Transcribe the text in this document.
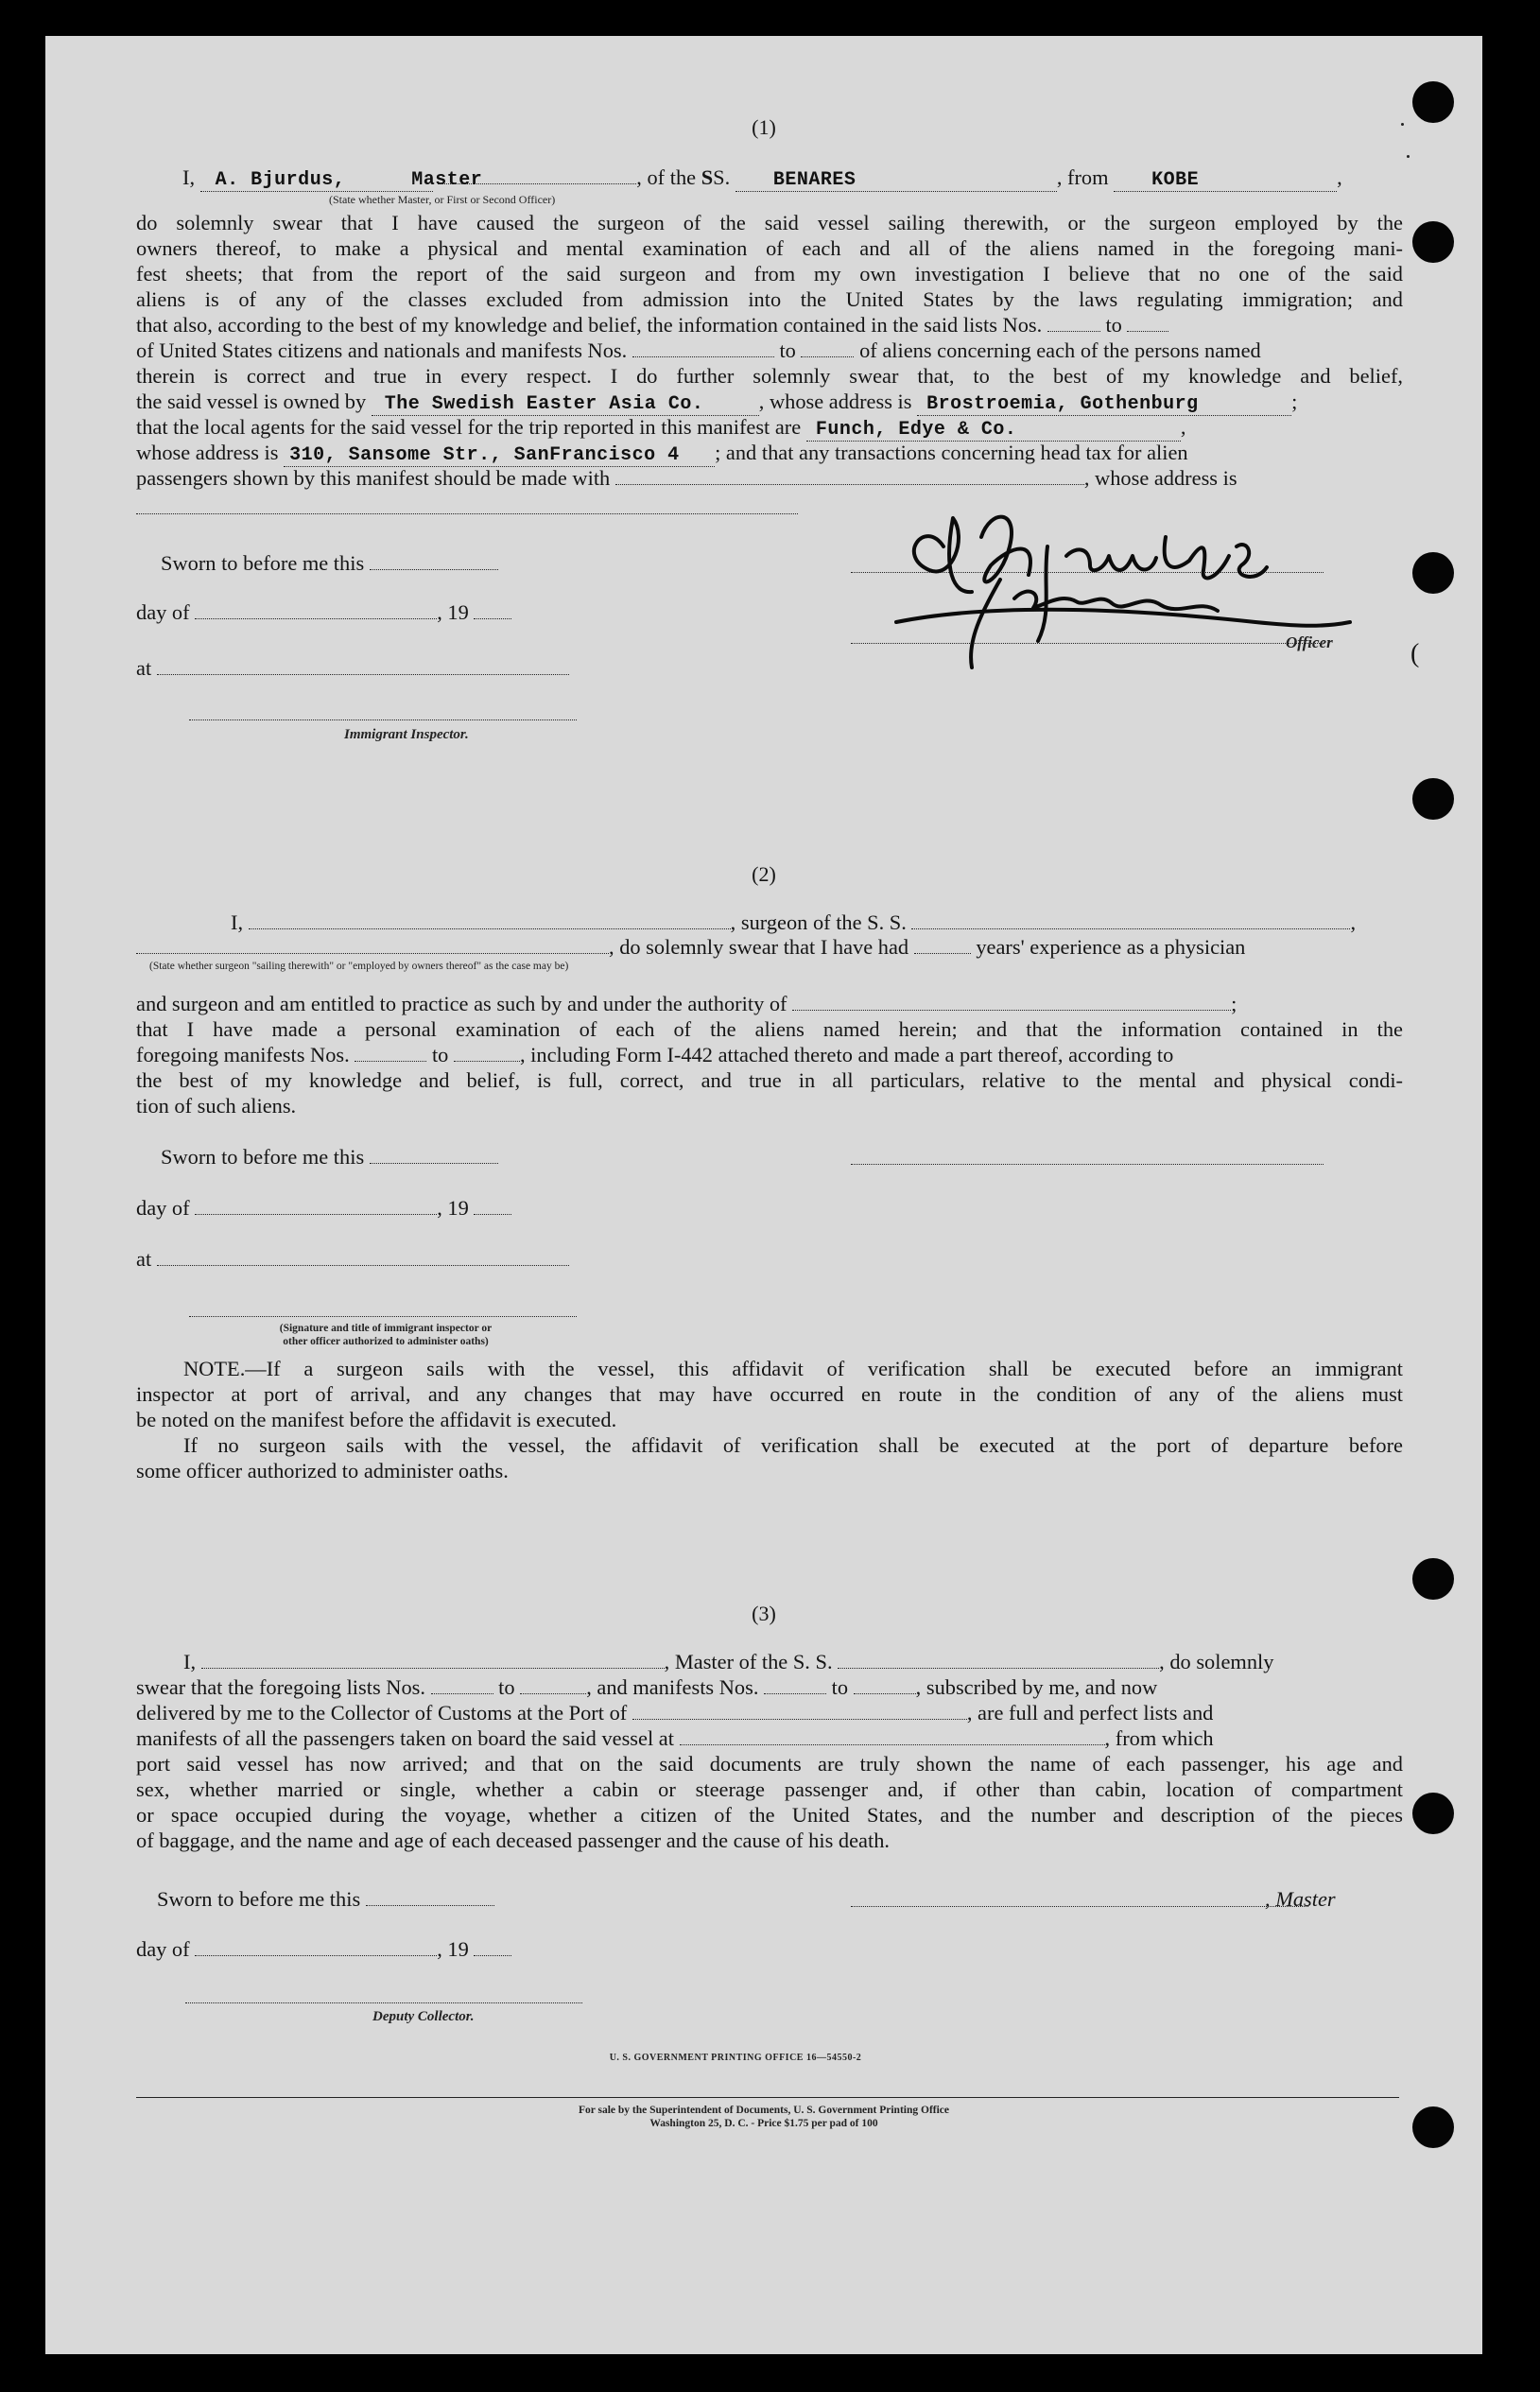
(1)
I, A. Bjurdus,	Master	, of the SS. BENARES	, from KOBE	,
(State whether Master, or First or Second Officer)
do solemnly swear that I have caused the surgeon of the said vessel sailing therewith, or the surgeon employed by the
owners thereof, to make a physical and mental examination of each and all of the aliens named in the foregoing mani-
fest sheets; that from the report of the said surgeon and from my own investigation I believe that no one of the said
aliens is of any of the classes excluded from admission into the United States by the laws regulating immigration; and
that also, according to the best of my knowledge and belief, the information contained in the said lists Nos.	to
of United States citizens and nationals and manifests Nos.	to	of aliens concerning each of the persons named
therein is correct and true in every respect. I do further solemnly swear that, to the best of my knowledge and belief,
the said vessel is owned by The Swedish Easter Asia Co.	, whose address is Brostroemia, Gothenburg	;
that the local agents for the said vessel for the trip reported in this manifest are Funch, Edye & Co.	,
whose address is 310, Sansome Str., SanFrancisco 4 ; and that any transactions concerning head tax for alien
passengers shown by this manifest should be made with	, whose address is
Sworn to before me this
day of	, 19
at
Immigrant Inspector.
Officer	(
(2)
I,	, surgeon of the S. S.	,
, do solemnly swear that I have had	years' experience as a physician
(State whether surgeon "sailing therewith" or "employed by owners thereof" as the case may be)
and surgeon and am entitled to practice as such by and under the authority of	;
that I have made a personal examination of each of the aliens named herein; and that the information contained in the
foregoing manifests Nos.	to	, including Form I-442 attached thereto and made a part thereof, according to
the best of my knowledge and belief, is full, correct, and true in all particulars, relative to the mental and physical condi-
tion of such aliens.
Sworn to before me this
day of	, 19
at
(Signature and title of immigrant inspector or
other officer authorized to administer oaths)
NOTE.—If a surgeon sails with the vessel, this affidavit of verification shall be executed before an immigrant
inspector at port of arrival, and any changes that may have occurred en route in the condition of any of the aliens must
be noted on the manifest before the affidavit is executed.
If no surgeon sails with the vessel, the affidavit of verification shall be executed at the port of departure before
some officer authorized to administer oaths.
(3)
I,	, Master of the S. S.	, do solemnly
swear that the foregoing lists Nos.	to	, and manifests Nos.	to	, subscribed by me, and now
delivered by me to the Collector of Customs at the Port of	, are full and perfect lists and
manifests of all the passengers taken on board the said vessel at	, from which
port said vessel has now arrived; and that on the said documents are truly shown the name of each passenger, his age and
sex, whether married or single, whether a cabin or steerage passenger and, if other than cabin, location of compartment
or space occupied during the voyage, whether a citizen of the United States, and the number and description of the pieces
of baggage, and the name and age of each deceased passenger and the cause of his death.
Sworn to before me this	, Master
day of	, 19
Deputy Collector.
U. S. GOVERNMENT PRINTING OFFICE 16—54550-2
For sale by the Superintendent of Documents, U. S. Government Printing Office
Washington 25, D. C. - Price $1.75 per pad of 100
